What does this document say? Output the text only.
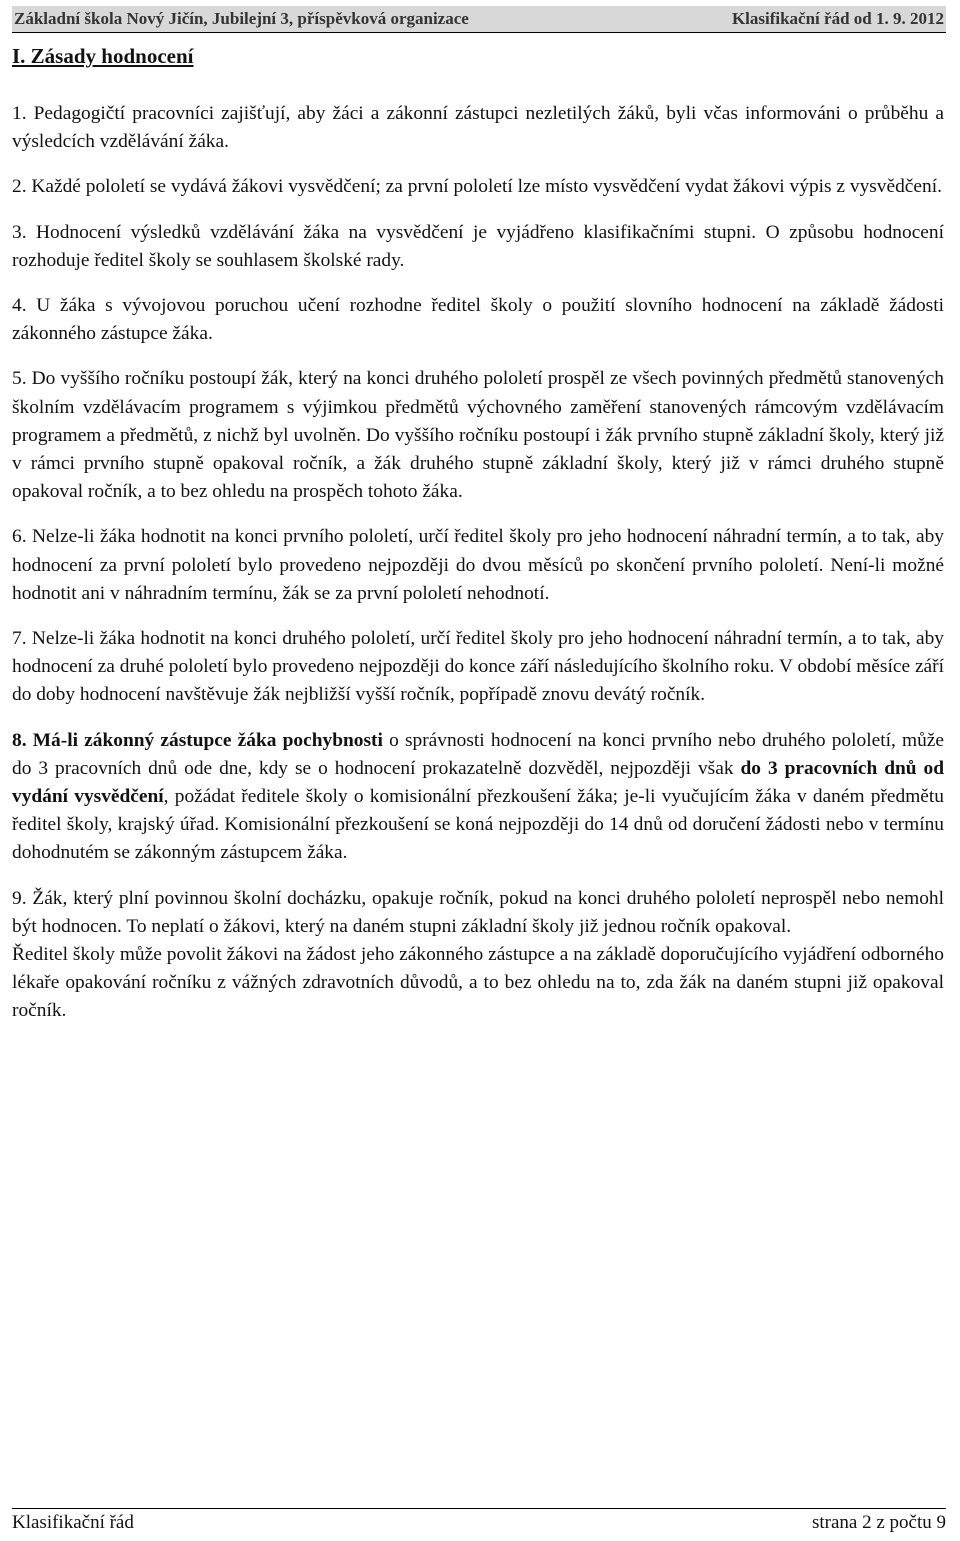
Základní škola Nový Jičín, Jubilejní 3, příspěvková organizace	Klasifikační řád od 1. 9. 2012
I. Zásady hodnocení

1. Pedagogičtí pracovníci zajišťují, aby žáci a zákonní zástupci nezletilých žáků, byli včas informováni o průběhu a výsledcích vzdělávání žáka.

2. Každé pololetí se vydává žákovi vysvědčení; za první pololetí lze místo vysvědčení vydat žákovi výpis z vysvědčení.

3. Hodnocení výsledků vzdělávání žáka na vysvědčení je vyjádřeno klasifikačními stupni. O způsobu hodnocení rozhoduje ředitel školy se souhlasem školské rady.

4. U žáka s vývojovou poruchou učení rozhodne ředitel školy o použití slovního hodnocení na základě žádosti zákonného zástupce žáka.

5. Do vyššího ročníku postoupí žák, který na konci druhého pololetí prospěl ze všech povinných předmětů stanovených školním vzdělávacím programem s výjimkou předmětů výchovného zaměření stanovených rámcovým vzdělávacím programem a předmětů, z nichž byl uvolněn. Do vyššího ročníku postoupí i žák prvního stupně základní školy, který již v rámci prvního stupně opakoval ročník, a žák druhého stupně základní školy, který již v rámci druhého stupně opakoval ročník, a to bez ohledu na prospěch tohoto žáka.

6. Nelze-li žáka hodnotit na konci prvního pololetí, určí ředitel školy pro jeho hodnocení náhradní termín, a to tak, aby hodnocení za první pololetí bylo provedeno nejpozději do dvou měsíců po skončení prvního pololetí. Není-li možné hodnotit ani v náhradním termínu, žák se za první pololetí nehodnotí.

7. Nelze-li žáka hodnotit na konci druhého pololetí, určí ředitel školy pro jeho hodnocení náhradní termín, a to tak, aby hodnocení za druhé pololetí bylo provedeno nejpozději do konce září následujícího školního roku. V období měsíce září do doby hodnocení navštěvuje žák nejbližší vyšší ročník, popřípadě znovu devátý ročník.

8. Má-li zákonný zástupce žáka pochybnosti o správnosti hodnocení na konci prvního nebo druhého pololetí, může do 3 pracovních dnů ode dne, kdy se o hodnocení prokazatelně dozvěděl, nejpozději však do 3 pracovních dnů od vydání vysvědčení, požádat ředitele školy o komisionální přezkoušení žáka; je-li vyučujícím žáka v daném předmětu ředitel školy, krajský úřad. Komisionální přezkoušení se koná nejpozději do 14 dnů od doručení žádosti nebo v termínu dohodnutém se zákonným zástupcem žáka.

9. Žák, který plní povinnou školní docházku, opakuje ročník, pokud na konci druhého pololetí neprospěl nebo nemohl být hodnocen. To neplatí o žákovi, který na daném stupni základní školy již jednou ročník opakoval.

Ředitel školy může povolit žákovi na žádost jeho zákonného zástupce a na základě doporučujícího vyjádření odborného lékaře opakování ročníku z vážných zdravotních důvodů, a to bez ohledu na to, zda žák na daném stupni již opakoval ročník.

Klasifikační řád	strana 2 z počtu 9
